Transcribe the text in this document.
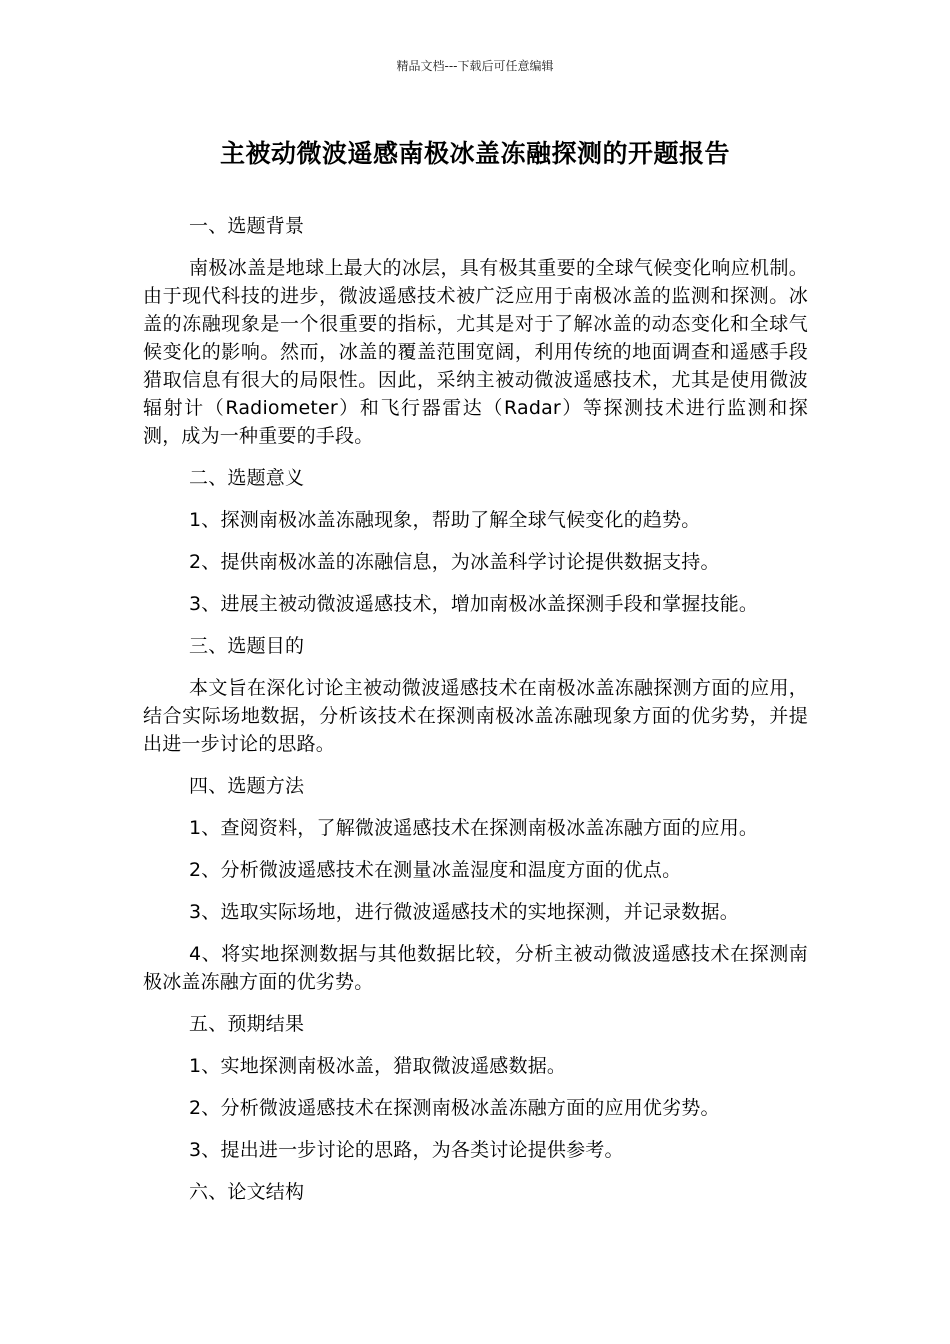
精品文档---下载后可任意编辑
主被动微波遥感南极冰盖冻融探测的开题报告

一、选题背景

南极冰盖是地球上最大的冰层，具有极其重要的全球气候变化响应机制。由于现代科技的进步，微波遥感技术被广泛应用于南极冰盖的监测和探测。冰盖的冻融现象是一个很重要的指标，尤其是对于了解冰盖的动态变化和全球气候变化的影响。然而，冰盖的覆盖范围宽阔，利用传统的地面调查和遥感手段猎取信息有很大的局限性。因此，采纳主被动微波遥感技术，尤其是使用微波辐射计（Radiometer）和飞行器雷达（Radar）等探测技术进行监测和探测，成为一种重要的手段。

二、选题意义

1、探测南极冰盖冻融现象，帮助了解全球气候变化的趋势。

2、提供南极冰盖的冻融信息，为冰盖科学讨论提供数据支持。

3、进展主被动微波遥感技术，增加南极冰盖探测手段和掌握技能。

三、选题目的

本文旨在深化讨论主被动微波遥感技术在南极冰盖冻融探测方面的应用，结合实际场地数据，分析该技术在探测南极冰盖冻融现象方面的优劣势，并提出进一步讨论的思路。

四、选题方法

1、查阅资料，了解微波遥感技术在探测南极冰盖冻融方面的应用。

2、分析微波遥感技术在测量冰盖湿度和温度方面的优点。

3、选取实际场地，进行微波遥感技术的实地探测，并记录数据。

4、将实地探测数据与其他数据比较，分析主被动微波遥感技术在探测南极冰盖冻融方面的优劣势。

五、预期结果

1、实地探测南极冰盖，猎取微波遥感数据。

2、分析微波遥感技术在探测南极冰盖冻融方面的应用优劣势。

3、提出进一步讨论的思路，为各类讨论提供参考。

六、论文结构
